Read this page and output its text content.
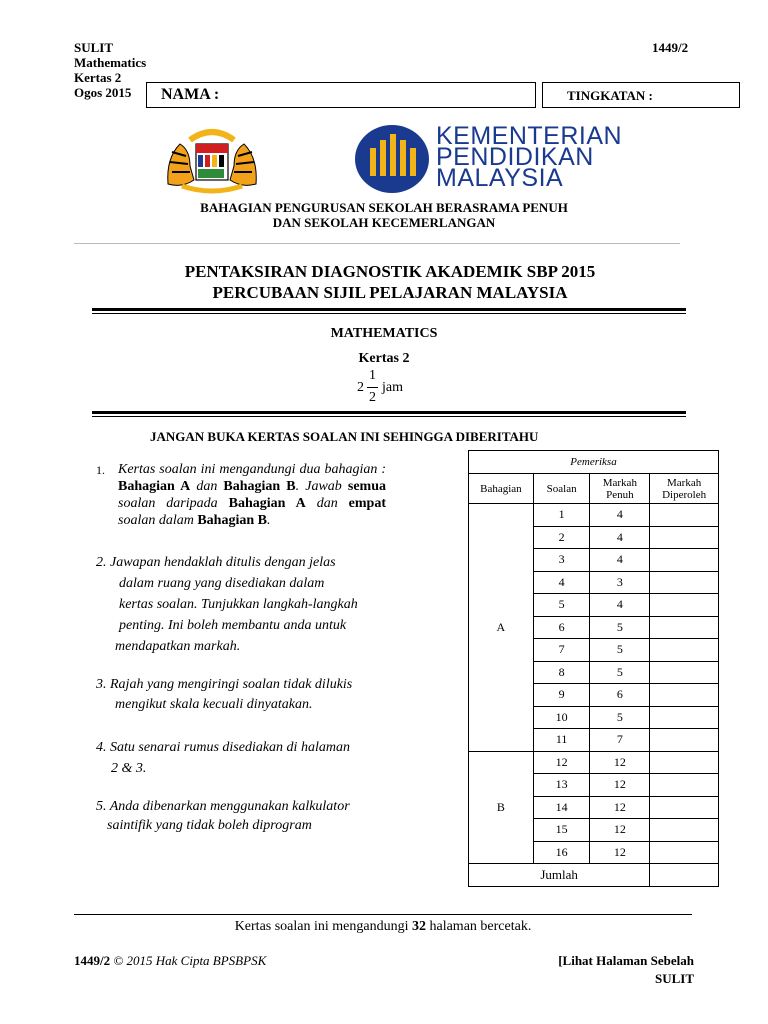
SULIT
Mathematics
Kertas 2
Ogos 2015
1449/2
NAMA :	TINGKATAN :
KEMENTERIAN
PENDIDIKAN
MALAYSIA
BAHAGIAN PENGURUSAN SEKOLAH BERASRAMA PENUH
DAN SEKOLAH KECEMERLANGAN
PENTAKSIRAN DIAGNOSTIK AKADEMIK SBP 2015
PERCUBAAN SIJIL PELAJARAN MALAYSIA
MATHEMATICS
Kertas 2
2
1
2
jam
JANGAN BUKA KERTAS SOALAN INI SEHINGGA DIBERITAHU
1. Kertas soalan ini mengandungi dua bahagian : Bahagian A dan Bahagian B. Jawab semua soalan daripada Bahagian A dan empat soalan dalam Bahagian B.
2. Jawapan hendaklah ditulis dengan jelas
dalam ruang yang disediakan dalam
kertas soalan. Tunjukkan langkah-langkah
penting. Ini boleh membantu anda untuk
mendapatkan markah.
3. Rajah yang mengiringi soalan tidak dilukis
mengikut skala kecuali dinyatakan.
4. Satu senarai rumus disediakan di halaman
2 & 3.
5. Anda dibenarkan menggunakan kalkulator
saintifik yang tidak boleh diprogram
Pemeriksa			
Bahagian	Soalan	Markah Penuh	Markah Diperoleh
A	1	4	
	2	4	
	3	4	
	4	3	
	5	4	
	6	5	
	7	5	
	8	5	
	9	6	
	10	5	
	11	7	
B	12	12	
	13	12	
	14	12	
	15	12	
	16	12	
Jumlah			
Kertas soalan ini mengandungi 32 halaman bercetak.
1449/2 © 2015 Hak Cipta BPSBPSK	[Lihat Halaman Sebelah
SULIT
